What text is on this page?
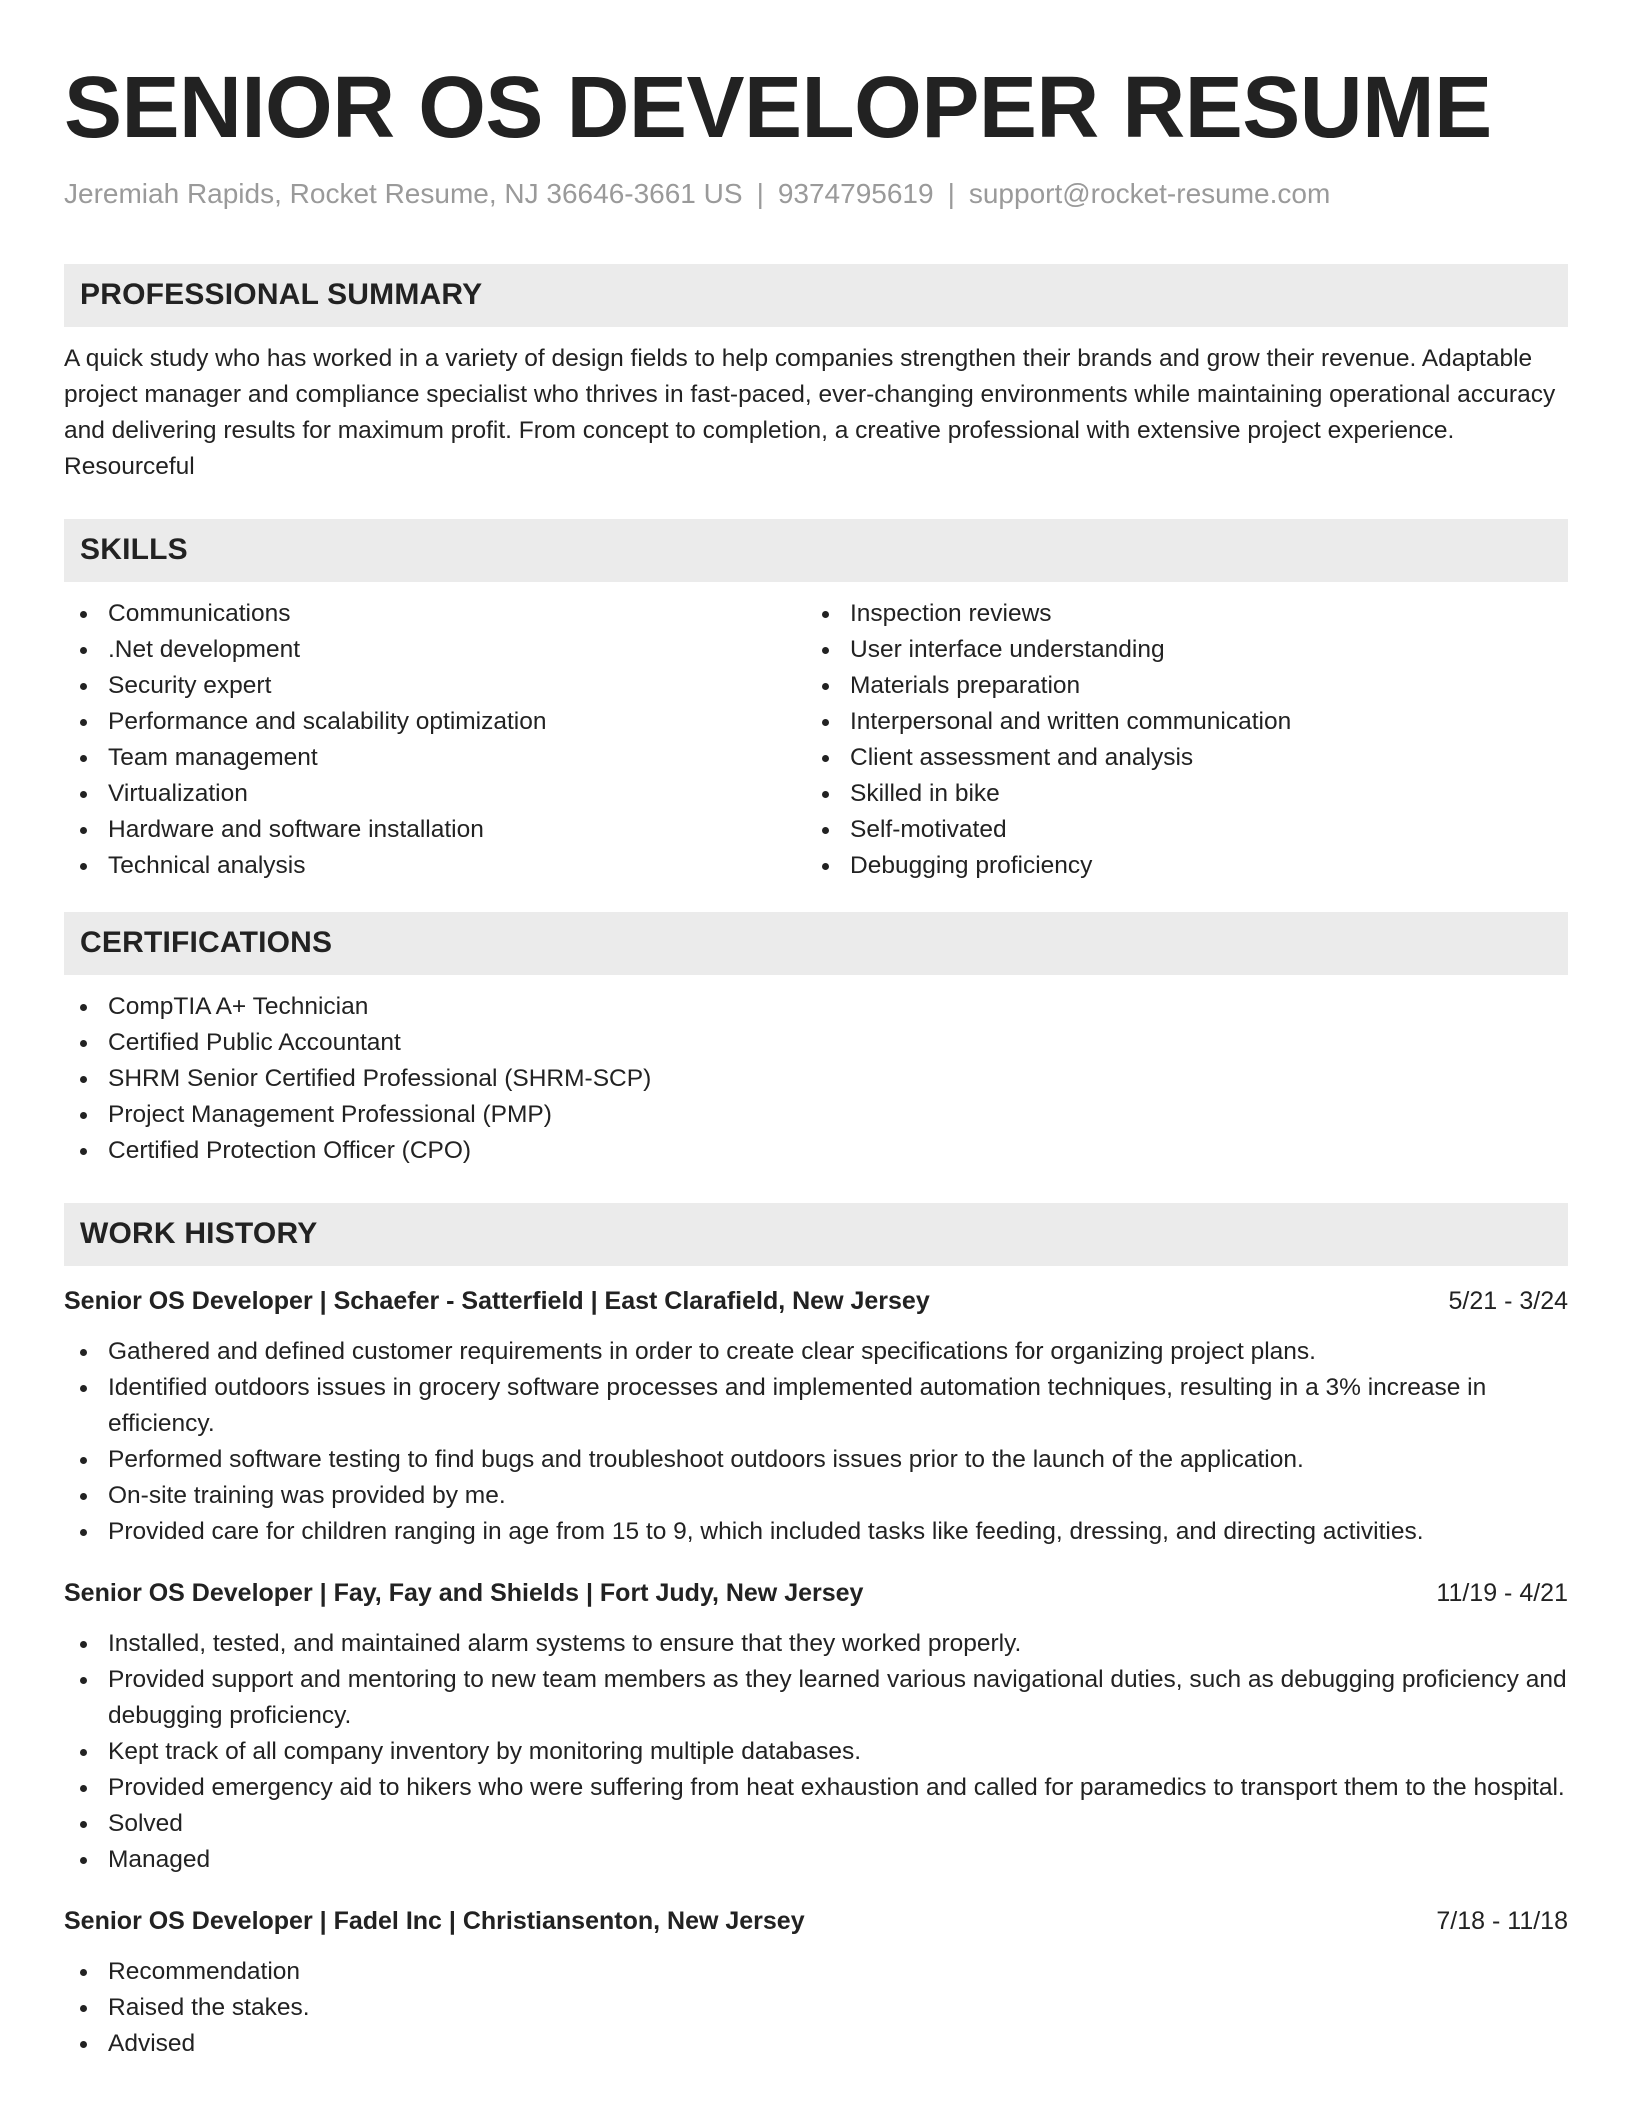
SENIOR OS DEVELOPER RESUME
Jeremiah Rapids, Rocket Resume, NJ 36646-3661 US | 9374795619 | support@rocket-resume.com
PROFESSIONAL SUMMARY

A quick study who has worked in a variety of design fields to help companies strengthen their brands and grow their revenue. Adaptable project manager and compliance specialist who thrives in fast-paced, ever-changing environments while maintaining operational accuracy and delivering results for maximum profit. From concept to completion, a creative professional with extensive project experience. Resourceful

SKILLS
Communications
.Net development
Security expert
Performance and scalability optimization
Team management
Virtualization
Hardware and software installation
Technical analysis
Inspection reviews
User interface understanding
Materials preparation
Interpersonal and written communication
Client assessment and analysis
Skilled in bike
Self-motivated
Debugging proficiency
CERTIFICATIONS
CompTIA A+ Technician
Certified Public Accountant
SHRM Senior Certified Professional (SHRM-SCP)
Project Management Professional (PMP)
Certified Protection Officer (CPO)
WORK HISTORY
Senior OS Developer | Schaefer - Satterfield | East Clarafield, New Jersey	5/21 - 3/24
Gathered and defined customer requirements in order to create clear specifications for organizing project plans.
Identified outdoors issues in grocery software processes and implemented automation techniques, resulting in a 3% increase in efficiency.
Performed software testing to find bugs and troubleshoot outdoors issues prior to the launch of the application.
On-site training was provided by me.
Provided care for children ranging in age from 15 to 9, which included tasks like feeding, dressing, and directing activities.
Senior OS Developer | Fay, Fay and Shields | Fort Judy, New Jersey	11/19 - 4/21
Installed, tested, and maintained alarm systems to ensure that they worked properly.
Provided support and mentoring to new team members as they learned various navigational duties, such as debugging proficiency and debugging proficiency.
Kept track of all company inventory by monitoring multiple databases.
Provided emergency aid to hikers who were suffering from heat exhaustion and called for paramedics to transport them to the hospital.
Solved
Managed
Senior OS Developer | Fadel Inc | Christiansenton, New Jersey	7/18 - 11/18
Recommendation
Raised the stakes.
Advised
